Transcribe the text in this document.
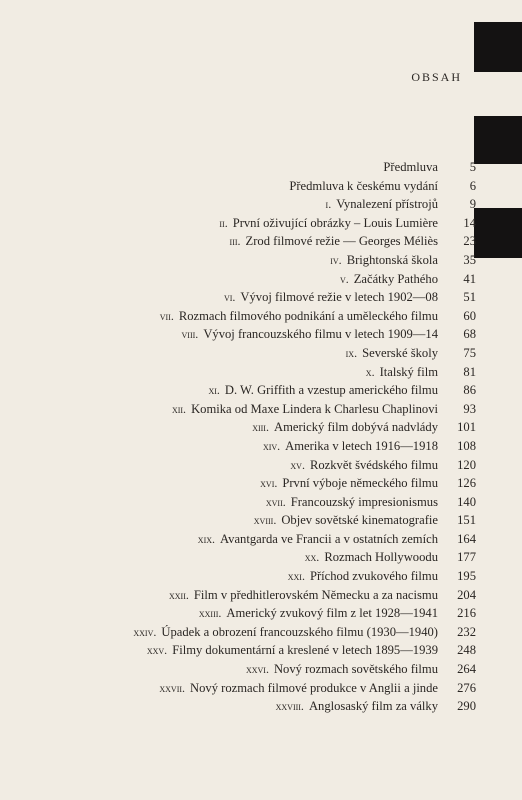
OBSAH
Předmluva	5
Předmluva k českému vydání	6
i. Vynalezení přístrojů	9
ii. První oživující obrázky – Louis Lumière	14
iii. Zrod filmové režie — Georges Méliès	23
iv. Brightonská škola	35
v. Začátky Pathého	41
vi. Vývoj filmové režie v letech 1902—08	51
vii. Rozmach filmového podnikání a uměleckého filmu	60
viii. Vývoj francouzského filmu v letech 1909—14	68
ix. Severské školy	75
x. Italský film	81
xi. D. W. Griffith a vzestup amerického filmu	86
xii. Komika od Maxe Lindera k Charlesu Chaplinovi	93
xiii. Americký film dobývá nadvlády	101
xiv. Amerika v letech 1916—1918	108
xv. Rozkvět švédského filmu	120
xvi. První výboje německého filmu	126
xvii. Francouzský impresionismus	140
xviii. Objev sovětské kinematografie	151
xix. Avantgarda ve Francii a v ostatních zemích	164
xx. Rozmach Hollywoodu	177
xxi. Příchod zvukového filmu	195
xxii. Film v předhitlerovském Německu a za nacismu	204
xxiii. Americký zvukový film z let 1928—1941	216
xxiv. Úpadek a obrození francouzského filmu (1930—1940)	232
xxv. Filmy dokumentární a kreslené v letech 1895—1939	248
xxvi. Nový rozmach sovětského filmu	264
xxvii. Nový rozmach filmové produkce v Anglii a jinde	276
xxviii. Anglosaský film za války	290
